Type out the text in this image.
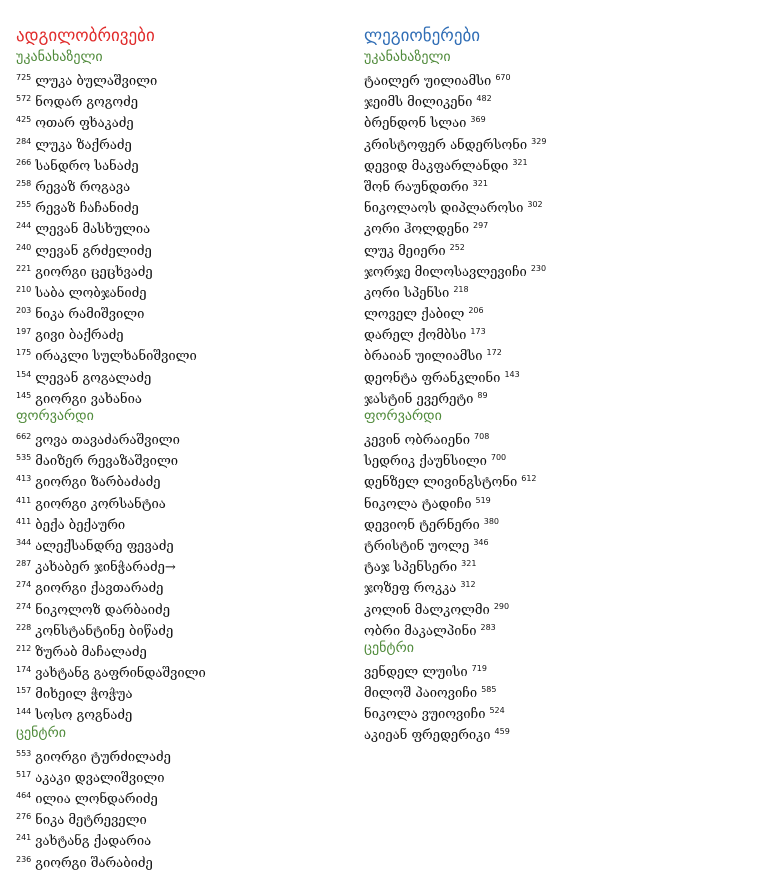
ადგილობრივები
უკანახაზელი
$^{725}$ ლუკა ბულაშვილი
$^{572}$ ნოდარ გოგოძე
$^{425}$ ოთარ ფხაკაძე
$^{284}$ ლუკა ზაქრაძე
$^{266}$ სანდრო სანაძე
$^{258}$ რევაზ როგავა
$^{255}$ რევაზ ჩაჩანიძე
$^{244}$ ლევან მასხულია
$^{240}$ ლევან გრძელიძე
$^{221}$ გიორგი ცეცხვაძე
$^{210}$ საბა ლობჯანიძე
$^{203}$ ნიკა რამიშვილი
$^{197}$ გივი ბაქრაძე
$^{175}$ ირაკლი სულხანიშვილი
$^{154}$ ლევან გოგალაძე
$^{145}$ გიორგი ვახანია
ფორვარდი
$^{662}$ ვოვა თავაძარაშვილი
$^{535}$ მაიზერ რევაზაშვილი
$^{413}$ გიორგი ზარბაძაძე
$^{411}$ გიორგი კორსანტია
$^{411}$ ბექა ბექაური
$^{344}$ ალექსანდრე ფევაძე
$^{287}$ კახაბერ ჯინჭარაძე→
$^{274}$ გიორგი ქავთარაძე
$^{274}$ ნიკოლოზ დარბაიძე
$^{228}$ კონსტანტინე ბიწაძე
$^{212}$ ზურაბ მაჩალაძე
$^{174}$ ვახტანგ გაფრინდაშვილი
$^{157}$ მიხეილ ჭოჭუა
$^{144}$ სოსო გოგნაძე
ცენტრი
$^{553}$ გიორგი ტურძილაძე
$^{517}$ აკაკი დვალიშვილი
$^{464}$ ილია ლონდარიძე
$^{276}$ ნიკა მეტრეველი
$^{241}$ ვახტანგ ქადარია
$^{236}$ გიორგი შარაბიძე
ლეგიონერები
უკანახაზელი
ტაილერ უილიამსი $^{670}$
ჯეიმს მილიკენი $^{482}$
ბრენდონ სლაი $^{369}$
კრისტოფერ ანდერსონი $^{329}$
დევიდ მაკფარლანდი $^{321}$
შონ რაუნდთრი $^{321}$
ნიკოლაოს დიპლაროსი $^{302}$
კორი ჰოლდენი $^{297}$
ლუკ მეიერი $^{252}$
ჯორჯე მილოსავლევიჩი $^{230}$
კორი სპენსი $^{218}$
ლოველ ქაბილ $^{206}$
დარელ ქომბსი $^{173}$
ბრაიან უილიამსი $^{172}$
დეონტა ფრანკლინი $^{143}$
ჯასტინ ევერეტი $^{89}$
ფორვარდი
კევინ ობრაიენი $^{708}$
სედრიკ ქაუნსილი $^{700}$
დენზელ ლივინგსტონი $^{612}$
ნიკოლა ტადიჩი $^{519}$
დევიონ ტერნერი $^{380}$
ტრისტინ უოლე $^{346}$
ტაჯ სპენსერი $^{321}$
ჯოზეფ როკკა $^{312}$
კოლინ მალკოლმი $^{290}$
ობრი მაკალპინი $^{283}$
ცენტრი
ვენდელ ლუისი $^{719}$
მილოშ პაიოვიჩი $^{585}$
ნიკოლა ვუიოვიჩი $^{524}$
აკიეან ფრედერიკი $^{459}$
